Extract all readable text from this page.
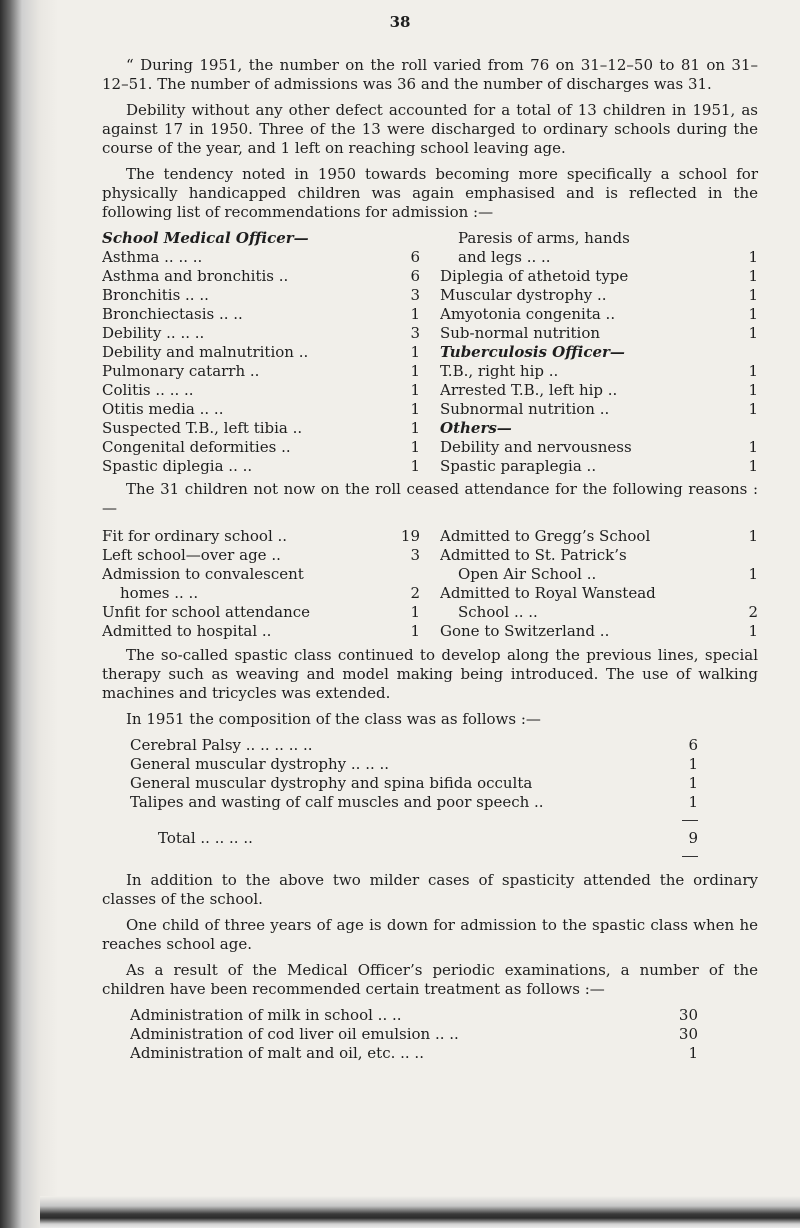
38

“ During 1951, the number on the roll varied from 76 on 31–12–50 to 81 on 31–12–51. The number of admissions was 36 and the number of discharges was 31.

Debility without any other defect accounted for a total of 13 children in 1951, as against 17 in 1950. Three of the 13 were discharged to ordinary schools during the course of the year, and 1 left on reaching school leaving age.

The tendency noted in 1950 towards becoming more specifically a school for physically handicapped children was again emphasised and is reflected in the following list of recommendations for admission :—

School Medical Officer—
Asthma .. .. ..	6
Asthma and bronchitis ..	6
Bronchitis .. ..	3
Bronchiectasis .. ..	1
Debility .. .. ..	3
Debility and malnutrition ..	1
Pulmonary catarrh ..	1
Colitis .. .. ..	1
Otitis media .. ..	1
Suspected T.B., left tibia ..	1
Congenital deformities ..	1
Spastic diplegia .. ..	1
Paresis of arms, hands
and legs .. ..	1
Diplegia of athetoid type	1
Muscular dystrophy ..	1
Amyotonia congenita ..	1
Sub-normal nutrition	1
Tuberculosis Officer—
T.B., right hip ..	1
Arrested T.B., left hip ..	1
Subnormal nutrition ..	1
Others—
Debility and nervousness	1
Spastic paraplegia ..	1

The 31 children not now on the roll ceased attendance for the following reasons :—

Fit for ordinary school ..	19
Left school—over age ..	3
Admission to convalescent
homes .. ..	2
Unfit for school attendance	1
Admitted to hospital ..	1
Admitted to Gregg’s School	1
Admitted to St. Patrick’s
Open Air School ..	1
Admitted to Royal Wanstead
School .. ..	2
Gone to Switzerland ..	1

The so-called spastic class continued to develop along the previous lines, special therapy such as weaving and model making being introduced. The use of walking machines and tricycles was extended.

In 1951 the composition of the class was as follows :—

Cerebral Palsy .. .. .. .. ..	6
General muscular dystrophy .. .. ..	1
General muscular dystrophy and spina bifida occulta	1
Talipes and wasting of calf muscles and poor speech ..	1
Total .. .. .. ..	9

In addition to the above two milder cases of spasticity attended the ordinary classes of the school.

One child of three years of age is down for admission to the spastic class when he reaches school age.

As a result of the Medical Officer’s periodic examinations, a number of the children have been recommended certain treatment as follows :—

Administration of milk in school .. ..	30
Administration of cod liver oil emulsion .. ..	30
Administration of malt and oil, etc. .. ..	1
